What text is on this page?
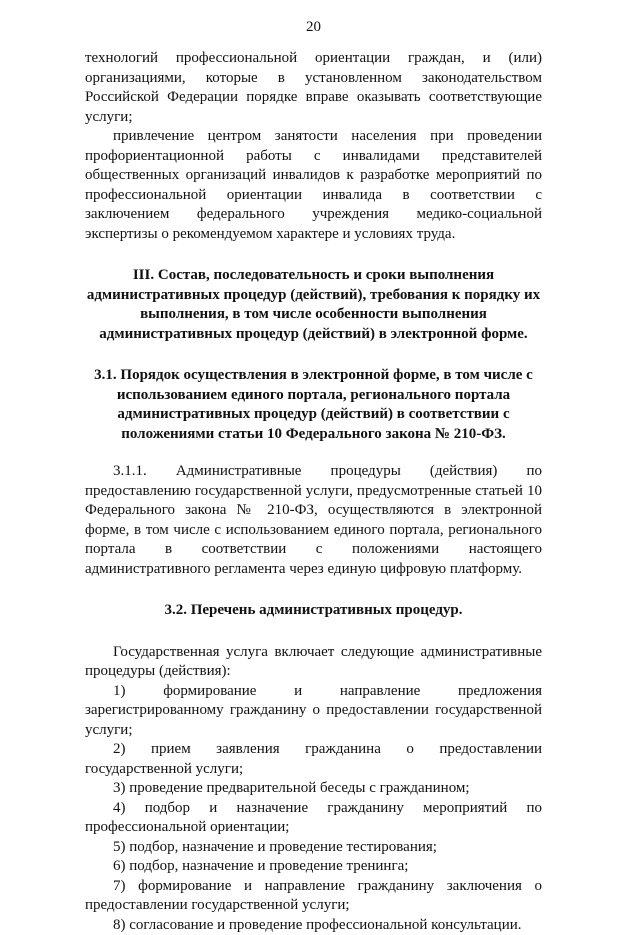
20

технологий профессиональной ориентации граждан, и (или) организациями, которые в установленном законодательством Российской Федерации порядке вправе оказывать соответствующие услуги;

привлечение центром занятости населения при проведении профориентационной работы с инвалидами представителей общественных организаций инвалидов к разработке мероприятий по профессиональной ориентации инвалида в соответствии с заключением федерального учреждения медико-социальной экспертизы о рекомендуемом характере и условиях труда.

III. Состав, последовательность и сроки выполнения административных процедур (действий), требования к порядку их выполнения, в том числе особенности выполнения административных процедур (действий) в электронной форме.

3.1. Порядок осуществления в электронной форме, в том числе с использованием единого портала, регионального портала административных процедур (действий) в соответствии с положениями статьи 10 Федерального закона № 210-ФЗ.

3.1.1. Административные процедуры (действия) по предоставлению государственной услуги, предусмотренные статьей 10 Федерального закона № 210-ФЗ, осуществляются в электронной форме, в том числе с использованием единого портала, регионального портала в соответствии с положениями настоящего административного регламента через единую цифровую платформу.

3.2. Перечень административных процедур.

Государственная услуга включает следующие административные процедуры (действия):

1) формирование и направление предложения зарегистрированному гражданину о предоставлении государственной услуги;

2) прием заявления гражданина о предоставлении государственной услуги;

3) проведение предварительной беседы с гражданином;

4) подбор и назначение гражданину мероприятий по профессиональной ориентации;

5) подбор, назначение и проведение тестирования;

6) подбор, назначение и проведение тренинга;

7) формирование и направление гражданину заключения о предоставлении государственной услуги;

8) согласование и проведение профессиональной консультации.
